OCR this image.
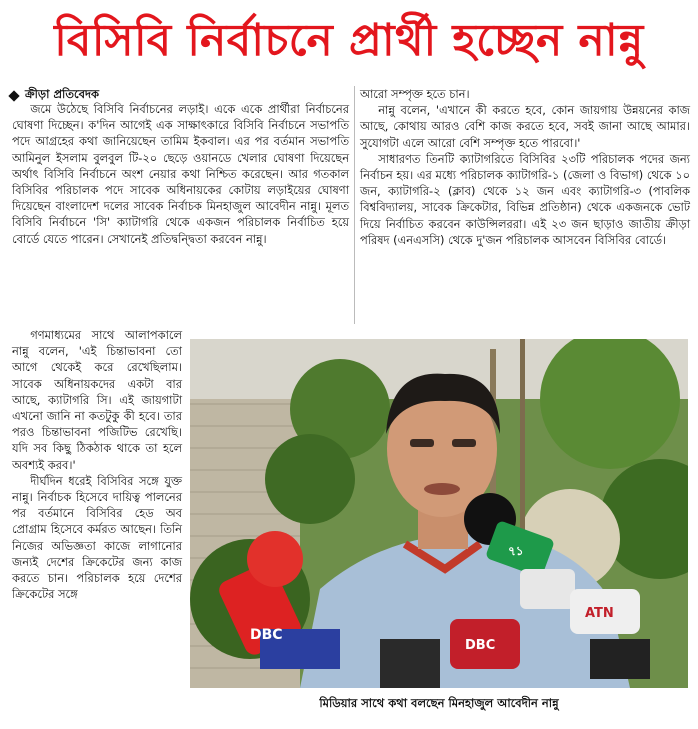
বিসিবি নির্বাচনে প্রার্থী হচ্ছেন নান্নু
ক্রীড়া প্রতিবেদক

জমে উঠেছে বিসিবি নির্বাচনের লড়াই। একে একে প্রার্থীরা নির্বাচনের ঘোষণা দিচ্ছেন। ক'দিন আগেই এক সাক্ষাৎকারে বিসিবি নির্বাচনে সভাপতি পদে আগ্রহের কথা জানিয়েছেন তামিম ইকবাল। এর পর বর্তমান সভাপতি আমিনুল ইসলাম বুলবুল টি-২০ ছেড়ে ওয়ানডে খেলার ঘোষণা দিয়েছেন অর্থাৎ বিসিবি নির্বাচনে অংশ নেয়ার কথা নিশ্চিত করেছেন। আর গতকাল বিসিবির পরিচালক পদে সাবেক অধিনায়কের কোটায় লড়াইয়ের ঘোষণা দিয়েছেন বাংলাদেশ দলের সাবেক নির্বাচক মিনহাজুল আবেদীন নান্নু। মূলত বিসিবি নির্বাচনে 'সি' ক্যাটাগরি থেকে একজন পরিচালক নির্বাচিত হয়ে বোর্ডে যেতে পারেন। সেখানেই প্রতিদ্বন্দ্বিতা করবেন নান্নু।

আরো সম্পৃক্ত হতে চান।

নান্নু বলেন, 'এখানে কী করতে হবে, কোন জায়গায় উন্নয়নের কাজ আছে, কোথায় আরও বেশি কাজ করতে হবে, সবই জানা আছে আমার। সুযোগটা এলে আরো বেশি সম্পৃক্ত হতে পারবো।'

সাধারণত তিনটি ক্যাটাগরিতে বিসিবির ২৩টি পরিচালক পদের জন্য নির্বাচন হয়। এর মধ্যে পরিচালক ক্যাটাগরি-১ (জেলা ও বিভাগ) থেকে ১০ জন, ক্যাটাগরি-২ (ক্লাব) থেকে ১২ জন এবং ক্যাটাগরি-৩ (পাবলিক বিশ্ববিদ্যালয়, সাবেক ক্রিকেটার, বিভিন্ন প্রতিষ্ঠান) থেকে একজনকে ভোট দিয়ে নির্বাচিত করবেন কাউন্সিলররা। এই ২৩ জন ছাড়াও জাতীয় ক্রীড়া পরিষদ (এনএসসি) থেকে দু'জন পরিচালক আসবেন বিসিবির বোর্ডে।

গণমাধ্যমের সাথে আলাপকালে নান্নু বলেন, 'এই চিন্তাভাবনা তো আগে থেকেই করে রেখেছিলাম। সাবেক অধিনায়কদের একটা বার আছে, ক্যাটাগরি সি। এই জায়গাটা এখনো জানি না কতটুকু কী হবে। তার পরও চিন্তাভাবনা পজিটিভ রেখেছি। যদি সব কিছু ঠিকঠাক থাকে তা হলে অবশ্যই করব।'

দীর্ঘদিন ধরেই বিসিবির সঙ্গে যুক্ত নান্নু। নির্বাচক হিসেবে দায়িত্ব পালনের পর বর্তমানে বিসিবির হেড অব প্রোগ্রাম হিসেবে কর্মরত আছেন। তিনি নিজের অভিজ্ঞতা কাজে লাগানোর জন্যই দেশের ক্রিকেটের জন্য কাজ করতে চান। পরিচালক হয়ে দেশের ক্রিকেটের সঙ্গে

DBC
৭১
DBC
ATN
মিডিয়ার সাথে কথা বলছেন মিনহাজুল আবেদীন নান্নু
